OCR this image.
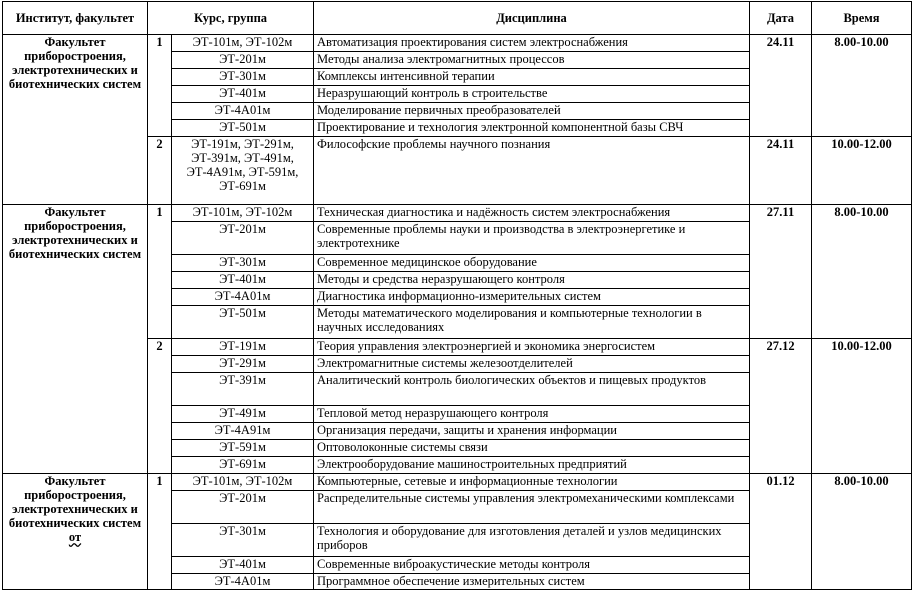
Институт, факультет	Курс, группа		Дисциплина	Дата	Время
Факультет приборостроения, электротехнических и биотехнических систем	1	ЭТ-101м, ЭТ-102м	Автоматизация проектирования систем электроснабжения	24.11	8.00-10.00
		ЭТ-201м	Методы анализа электромагнитных процессов		
		ЭТ-301м	Комплексы интенсивной терапии		
		ЭТ-401м	Неразрушающий контроль в строительстве		
		ЭТ-4А01м	Моделирование первичных преобразователей		
		ЭТ-501м	Проектирование и технология электронной компонентной базы СВЧ		
	2	ЭТ-191м, ЭТ-291м, ЭТ-391м, ЭТ-491м, ЭТ-4А91м, ЭТ-591м, ЭТ-691м	Философские проблемы научного познания	24.11	10.00-12.00
Факультет приборостроения, электротехнических и биотехнических систем	1	ЭТ-101м, ЭТ-102м	Техническая диагностика и надёжность систем электроснабжения	27.11	8.00-10.00
		ЭТ-201м	Современные проблемы науки и производства в электроэнергетике и электротехнике		
		ЭТ-301м	Современное медицинское оборудование		
		ЭТ-401м	Методы и средства неразрушающего контроля		
		ЭТ-4А01м	Диагностика информационно-измерительных систем		
		ЭТ-501м	Методы математического моделирования и компьютерные технологии в научных исследованиях		
	2	ЭТ-191м	Теория управления электроэнергией и экономика энергосистем	27.12	10.00-12.00
		ЭТ-291м	Электромагнитные системы железоотделителей		
		ЭТ-391м	Аналитический контроль биологических объектов и пищевых продуктов		
		ЭТ-491м	Тепловой метод неразрушающего контроля		
		ЭТ-4А91м	Организация передачи, защиты и хранения информации		
		ЭТ-591м	Оптоволоконные системы связи		
		ЭТ-691м	Электрооборудование машиностроительных предприятий		
Факультет приборостроения, электротехнических и биотехнических систем от	1	ЭТ-101м, ЭТ-102м	Компьютерные, сетевые и информационные технологии	01.12	8.00-10.00
		ЭТ-201м	Распределительные системы управления электромеханическими комплексами		
		ЭТ-301м	Технология и оборудование для изготовления деталей и узлов медицинских приборов		
		ЭТ-401м	Современные виброакустические методы контроля		
		ЭТ-4А01м	Программное обеспечение измерительных систем		
